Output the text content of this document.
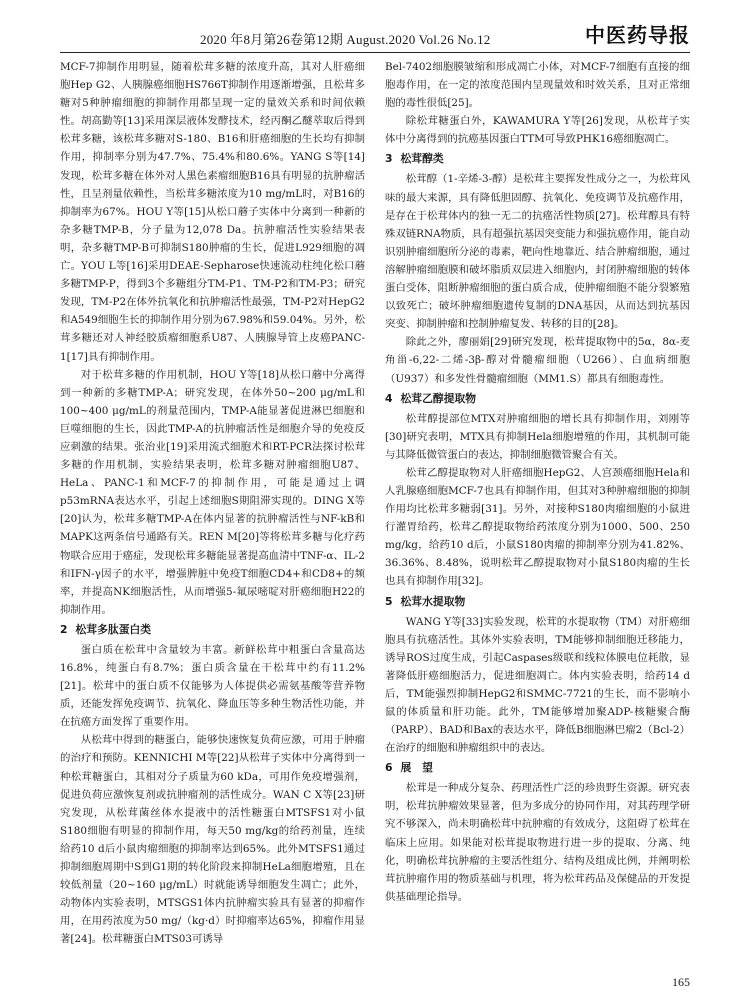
2020 年8月第26卷第12期 August.2020 Vol.26 No.12	中医药导报

MCF-7抑制作用明显，随着松茸多糖的浓度升高，其对人肝癌细胞Hep G2、人胰腺癌细胞HS766T抑制作用逐渐增强，且松茸多糖对5种肿瘤细胞的抑制作用都呈现一定的量效关系和时间依赖性。胡高勤等[13]采用深层液体发酵技术，经丙酮乙醚萃取后得到松茸多糖，该松茸多糖对S-180、B16和肝癌细胞的生长均有抑制作用，抑制率分别为47.7%、75.4%和80.6%。YANG S等[14]发现，松茸多糖在体外对人黑色素瘤细胞B16具有明显的抗肿瘤活性，且呈剂量依赖性，当松茸多糖浓度为10 mg/mL时，对B16的抑制率为67%。HOU Y等[15]从松口蘑子实体中分离到一种新的杂多糖TMP-B，分子量为12,078 Da。抗肿瘤活性实验结果表明，杂多糖TMP-B可抑制S180肿瘤的生长，促进L929细胞的凋亡。YOU L等[16]采用DEAE-Sepharose快速流动柱纯化松口蘑多糖TMP-P，得到3个多糖组分TM-P1、TM-P2和TM-P3；研究发现，TM-P2在体外抗氧化和抗肿瘤活性最强，TM-P2对HepG2和A549细胞生长的抑制作用分别为67.98%和59.04%。另外，松茸多糖还对人神经胶质瘤细胞系U87、人胰腺导管上皮癌PANC-1[17]具有抑制作用。

对于松茸多糖的作用机制，HOU Y等[18]从松口蘑中分离得到一种新的多糖TMP-A；研究发现，在体外50~200 μg/mL和100~400 μg/mL的剂量范围内，TMP-A能显著促进淋巴细胞和巨噬细胞的生长，因此TMP-A的抗肿瘤活性是细胞介导的免疫反应刺激的结果。张治业[19]采用流式细胞术和RT-PCR法探讨松茸多糖的作用机制，实验结果表明，松茸多糖对肿瘤细胞U87、HeLa、PANC-1和MCF-7的抑制作用，可能是通过上调p53mRNA表达水平，引起上述细胞S期阻滞实现的。DING X等[20]认为，松茸多糖TMP-A在体内显著的抗肿瘤活性与NF-kB和MAPK这两条信号通路有关。REN M[20]等将松茸多糖与化疗药物联合应用于癌症，发现松茸多糖能显著提高血清中TNF-α、IL-2和IFN-γ因子的水平，增强脾脏中免疫T细胞CD4+和CD8+的频率，并提高NK细胞活性，从而增强5-氟尿嘧啶对肝癌细胞H22的抑制作用。

2 松茸多肽蛋白类

蛋白质在松茸中含量较为丰富。新鲜松茸中粗蛋白含量高达16.8%，纯蛋白有8.7%；蛋白质含量在干松茸中约有11.2%[21]。松茸中的蛋白质不仅能够为人体提供必需氨基酸等营养物质，还能发挥免疫调节、抗氧化、降血压等多种生物活性功能，并在抗癌方面发挥了重要作用。

从松茸中得到的糖蛋白，能够快速恢复负荷应激，可用于肿瘤的治疗和预防。KENNICHI M等[22]从松茸子实体中分离得到一种松茸糖蛋白，其相对分子质量为60 kDa，可用作免疫增强剂，促进负荷应激恢复剂或抗肿瘤剂的活性成分。WAN C X等[23]研究发现，从松茸菌丝体水提液中的活性糖蛋白MTSFS1对小鼠S180细胞有明显的抑制作用，每天50 mg/kg的给药剂量，连续给药10 d后小鼠肉瘤细胞的抑制率达到65%。此外MTSFS1通过抑制细胞周期中S到G1期的转化阶段来抑制HeLa细胞增殖，且在较低剂量（20~160 μg/mL）时就能诱导细胞发生凋亡；此外，动物体内实验表明，MTSGS1体内抗肿瘤实验具有显著的抑瘤作用，在用药浓度为50 mg/（kg·d）时抑瘤率达65%，抑瘤作用显著[24]。松茸糖蛋白MTS03可诱导

Bel-7402细胞膜皱缩和形成凋亡小体，对MCF-7细胞有直接的细胞毒作用，在一定的浓度范围内呈现量效和时效关系，且对正常细胞的毒性很低[25]。

除松茸糖蛋白外，KAWAMURA Y等[26]发现，从松茸子实体中分离得到的抗癌基因蛋白TTM可导致PHK16癌细胞凋亡。

3 松茸醇类

松茸醇（1-辛烯-3-醇）是松茸主要挥发性成分之一，为松茸风味的最大来源，具有降低胆固醇、抗氧化、免疫调节及抗癌作用，是存在于松茸体内的独一无二的抗癌活性物质[27]。松茸醇具有特殊双链RNA物质，具有超强抗基因突变能力和强抗癌作用，能自动识别肿瘤细胞所分泌的毒素，靶向性地靠近、结合肿瘤细胞，通过溶解肿瘤细胞膜和破坏脂质双层进入细胞内，封闭肿瘤细胞的转体蛋白受体，阻断肿瘤细胞的蛋白质合成，使肿瘤细胞不能分裂繁殖以致死亡；破坏肿瘤细胞遗传复制的DNA基因，从而达到抗基因突变、抑制肿瘤和控制肿瘤复发、转移的目的[28]。

除此之外，廖丽娟[29]研究发现，松茸提取物中的5α，8α-麦角甾-6,22-二烯-3β-醇对骨髓瘤细胞（U266）、白血病细胞（U937）和多发性骨髓瘤细胞（MM1.S）都具有细胞毒性。

4 松茸乙醇提取物

松茸醇提部位MTX对肿瘤细胞的增长具有抑制作用，刘刚等[30]研究表明，MTX具有抑制Hela细胞增殖的作用，其机制可能与其降低微管蛋白的表达，抑制细胞微管聚合有关。

松茸乙醇提取物对人肝癌细胞HepG2、人宫颈癌细胞Hela和人乳腺癌细胞MCF-7也具有抑制作用，但其对3种肿瘤细胞的抑制作用均比松茸多糖弱[31]。另外，对接种S180肉瘤细胞的小鼠进行灌胃给药，松茸乙醇提取物给药浓度分别为1000、500、250 mg/kg，给药10 d后，小鼠S180肉瘤的抑制率分别为41.82%、36.36%、8.48%，说明松茸乙醇提取物对小鼠S180肉瘤的生长也具有抑制作用[32]。

5 松茸水提取物

WANG Y等[33]实验发现，松茸的水提取物（TM）对肝癌细胞具有抗癌活性。其体外实验表明，TM能够抑制细胞迁移能力，诱导ROS过度生成，引起Caspases级联和线粒体膜电位耗散，显著降低肝癌细胞活力，促进细胞凋亡。体内实验表明，给药14 d后，TM能强烈抑制HepG2和SMMC-7721的生长，而不影响小鼠的体质量和肝功能。此外，TM能够增加聚ADP-核糖聚合酶（PARP）、BAD和Bax的表达水平，降低B细胞淋巴瘤2（Bcl-2）在治疗的细胞和肿瘤组织中的表达。

6 展　望

松茸是一种成分复杂、药理活性广泛的珍贵野生资源。研究表明，松茸抗肿瘤效果显著，但为多成分的协同作用，对其药理学研究不够深入，尚未明确松茸中抗肿瘤的有效成分，这阻碍了松茸在临床上应用。如果能对松茸提取物进行进一步的提取、分离、纯化，明确松茸抗肿瘤的主要活性组分、结构及组成比例，并阐明松茸抗肿瘤作用的物质基础与机理，将为松茸药品及保健品的开发提供基础理论指导。

165
